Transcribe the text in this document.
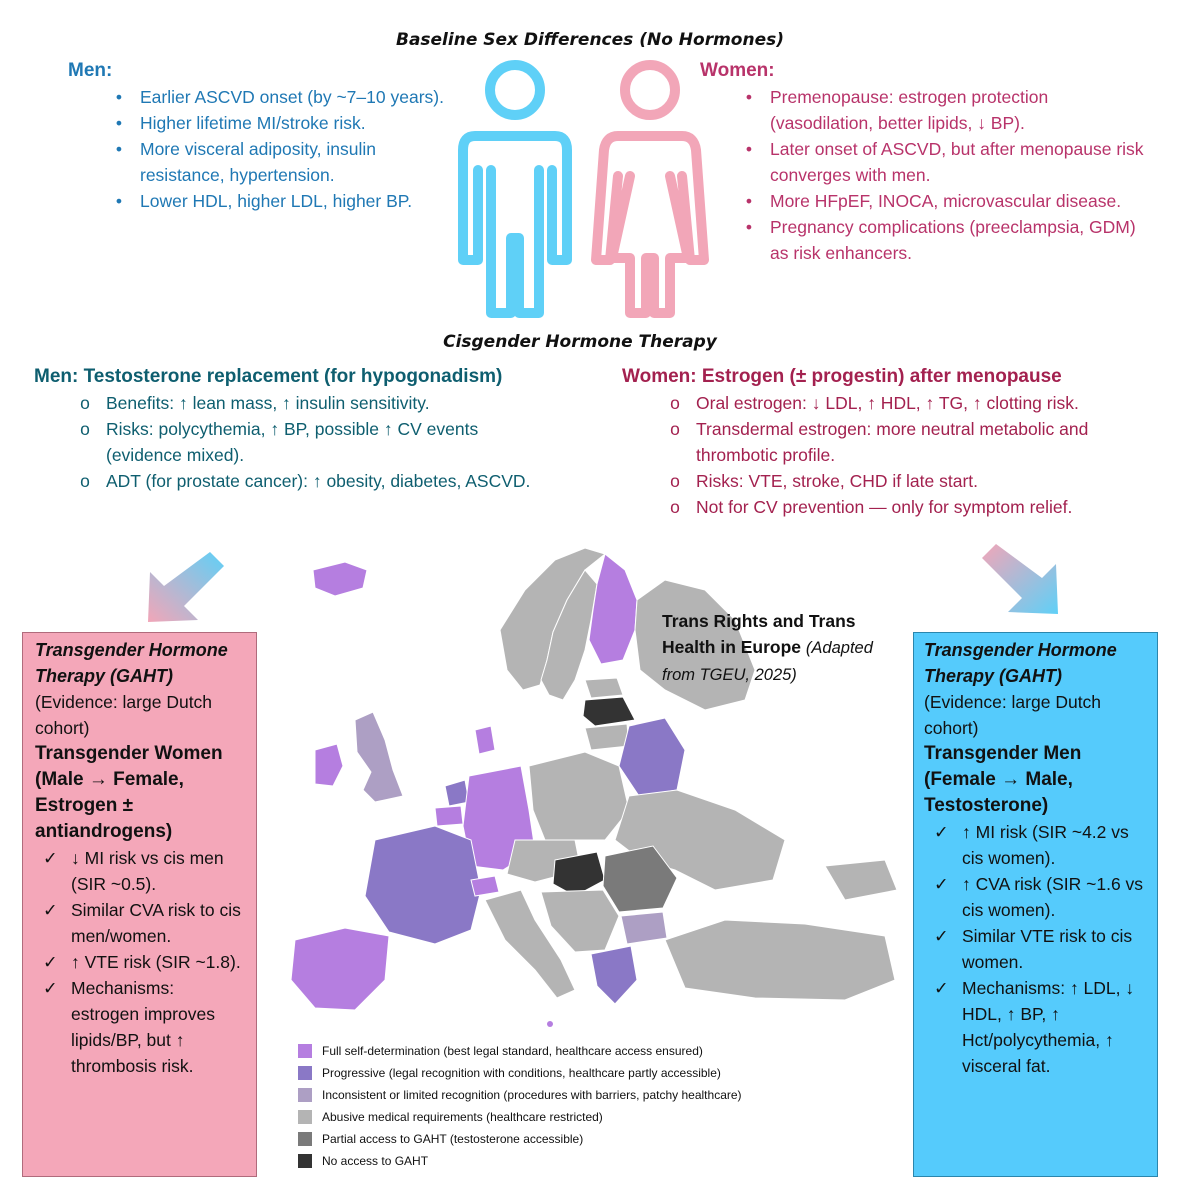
Baseline Sex Differences (No Hormones)
Men:
•	Earlier ASCVD onset (by ~7–10 years).
•	Higher lifetime MI/stroke risk.
•	More visceral adiposity, insulin resistance, hypertension.
•	Lower HDL, higher LDL, higher BP.
Women:
•	Premenopause: estrogen protection (vasodilation, better lipids, ↓ BP).
•	Later onset of ASCVD, but after menopause risk converges with men.
•	More HFpEF, INOCA, microvascular disease.
•	Pregnancy complications (preeclampsia, GDM) as risk enhancers.
Cisgender Hormone Therapy
Men: Testosterone replacement (for hypogonadism)
o Benefits: ↑ lean mass, ↑ insulin sensitivity.
o Risks: polycythemia, ↑ BP, possible ↑ CV events (evidence mixed).
o ADT (for prostate cancer): ↑ obesity, diabetes, ASCVD.
Women: Estrogen (± progestin) after menopause
o Oral estrogen: ↓ LDL, ↑ HDL, ↑ TG, ↑ clotting risk.
o Transdermal estrogen: more neutral metabolic and thrombotic profile.
o Risks: VTE, stroke, CHD if late start.
o Not for CV prevention — only for symptom relief.
Trans Rights and Trans Health in Europe (Adapted from TGEU, 2025)
Full self-determination (best legal standard, healthcare access ensured)
Progressive (legal recognition with conditions, healthcare partly accessible)
Inconsistent or limited recognition (procedures with barriers, patchy healthcare)
Abusive medical requirements (healthcare restricted)
Partial access to GAHT (testosterone accessible)
No access to GAHT
Transgender Hormone Therapy (GAHT)
(Evidence: large Dutch cohort)
Transgender Women (Male → Female, Estrogen ± antiandrogens)
✓ ↓ MI risk vs cis men (SIR ~0.5).
✓ Similar CVA risk to cis men/women.
✓ ↑ VTE risk (SIR ~1.8).
✓ Mechanisms: estrogen improves lipids/BP, but ↑ thrombosis risk.
Transgender Hormone Therapy (GAHT)
(Evidence: large Dutch cohort)
Transgender Men (Female → Male, Testosterone)
✓ ↑ MI risk (SIR ~4.2 vs cis women).
✓ ↑ CVA risk (SIR ~1.6 vs cis women).
✓ Similar VTE risk to cis women.
✓ Mechanisms: ↑ LDL, ↓ HDL, ↑ BP, ↑ Hct/polycythemia, ↑ visceral fat.
